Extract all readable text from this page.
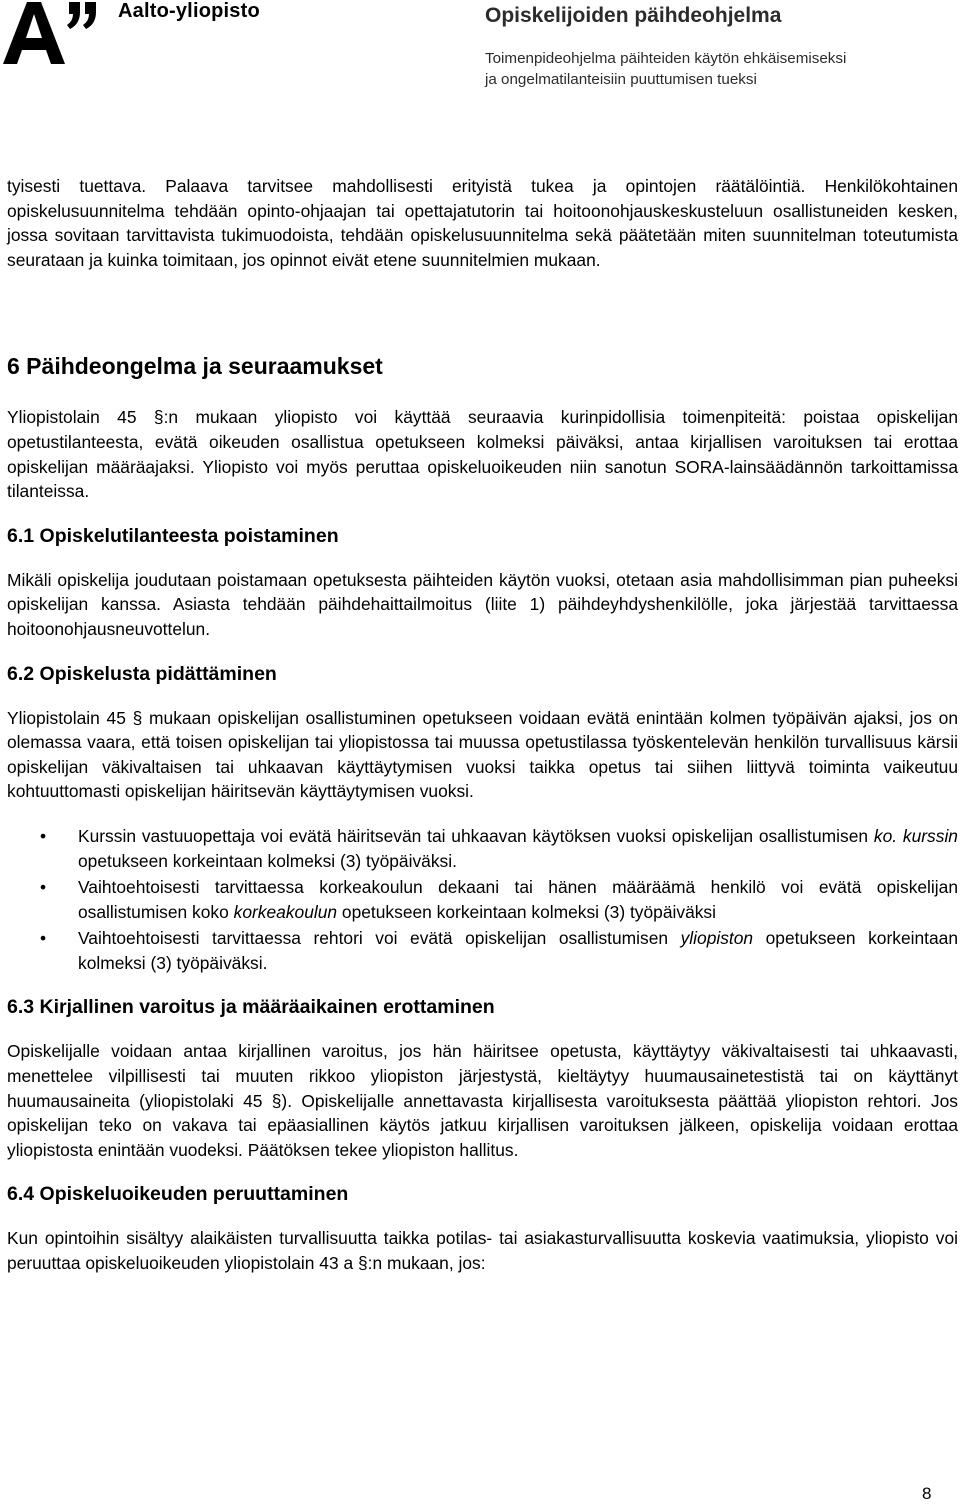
Aalto-yliopisto	Opiskelijoiden päihdeohjelma
Toimenpideohjelma päihteiden käytön ehkäisemiseksi
ja ongelmatilanteisiin puuttumisen tueksi

tyisesti tuettava. Palaava tarvitsee mahdollisesti erityistä tukea ja opintojen räätälöintiä. Henkilökohtainen opiskelusuunnitelma tehdään opinto-ohjaajan tai opettajatutorin tai hoitoonohjauskeskusteluun osallistuneiden kesken, jossa sovitaan tarvittavista tukimuodoista, tehdään opiskelusuunnitelma sekä päätetään miten suunnitelman toteutumista seurataan ja kuinka toimitaan, jos opinnot eivät etene suunnitelmien mukaan.

6 Päihdeongelma ja seuraamukset

Yliopistolain 45 §:n mukaan yliopisto voi käyttää seuraavia kurinpidollisia toimenpiteitä: poistaa opiskelijan opetustilanteesta, evätä oikeuden osallistua opetukseen kolmeksi päiväksi, antaa kirjallisen varoituksen tai erottaa opiskelijan määräajaksi. Yliopisto voi myös peruttaa opiskeluoikeuden niin sanotun SORA-lainsäädännön tarkoittamissa tilanteissa.

6.1 Opiskelutilanteesta poistaminen

Mikäli opiskelija joudutaan poistamaan opetuksesta päihteiden käytön vuoksi, otetaan asia mahdollisimman pian puheeksi opiskelijan kanssa. Asiasta tehdään päihdehaittailmoitus (liite 1) päihdeyhdyshenkilölle, joka järjestää tarvittaessa hoitoonohjausneuvottelun.

6.2 Opiskelusta pidättäminen

Yliopistolain 45 § mukaan opiskelijan osallistuminen opetukseen voidaan evätä enintään kolmen työpäivän ajaksi, jos on olemassa vaara, että toisen opiskelijan tai yliopistossa tai muussa opetustilassa työskentelevän henkilön turvallisuus kärsii opiskelijan väkivaltaisen tai uhkaavan käyttäytymisen vuoksi taikka opetus tai siihen liittyvä toiminta vaikeutuu kohtuuttomasti opiskelijan häiritsevän käyttäytymisen vuoksi.

• Kurssin vastuuopettaja voi evätä häiritsevän tai uhkaavan käytöksen vuoksi opiskelijan osallistumisen ko. kurssin opetukseen korkeintaan kolmeksi (3) työpäiväksi.
• Vaihtoehtoisesti tarvittaessa korkeakoulun dekaani tai hänen määräämä henkilö voi evätä opiskelijan osallistumisen koko korkeakoulun opetukseen korkeintaan kolmeksi (3) työpäiväksi
• Vaihtoehtoisesti tarvittaessa rehtori voi evätä opiskelijan osallistumisen yliopiston opetukseen korkeintaan kolmeksi (3) työpäiväksi.
6.3 Kirjallinen varoitus ja määräaikainen erottaminen

Opiskelijalle voidaan antaa kirjallinen varoitus, jos hän häiritsee opetusta, käyttäytyy väkivaltaisesti tai uhkaavasti, menettelee vilpillisesti tai muuten rikkoo yliopiston järjestystä, kieltäytyy huumausainetestistä tai on käyttänyt huumausaineita (yliopistolaki 45 §). Opiskelijalle annettavasta kirjallisesta varoituksesta päättää yliopiston rehtori. Jos opiskelijan teko on vakava tai epäasiallinen käytös jatkuu kirjallisen varoituksen jälkeen, opiskelija voidaan erottaa yliopistosta enintään vuodeksi. Päätöksen tekee yliopiston hallitus.

6.4 Opiskeluoikeuden peruuttaminen

Kun opintoihin sisältyy alaikäisten turvallisuutta taikka potilas- tai asiakasturvallisuutta koskevia vaatimuksia, yliopisto voi peruuttaa opiskeluoikeuden yliopistolain 43 a §:n mukaan, jos:

8
